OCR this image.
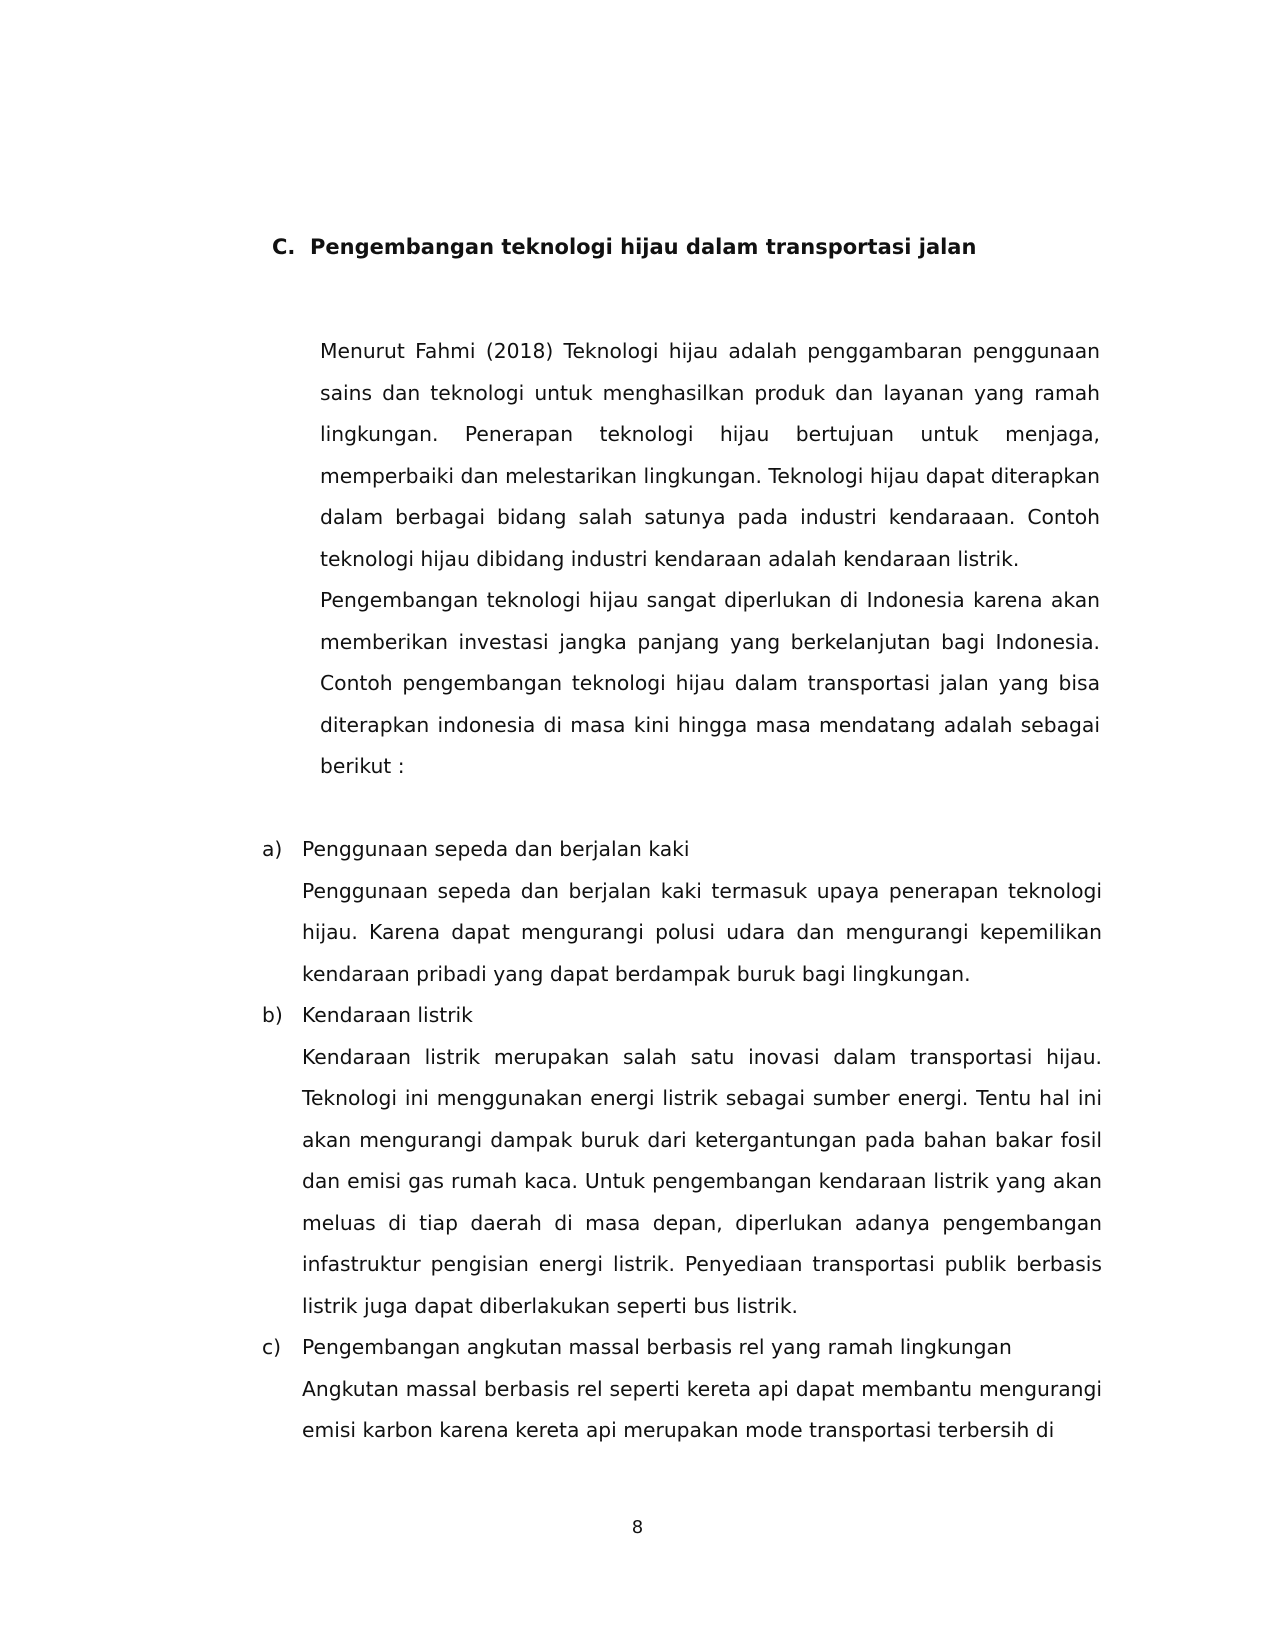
C. Pengembangan teknologi hijau dalam transportasi jalan

Menurut Fahmi (2018) Teknologi hijau adalah penggambaran penggunaan sains dan teknologi untuk menghasilkan produk dan layanan yang ramah lingkungan. Penerapan teknologi hijau bertujuan untuk menjaga, memperbaiki dan melestarikan lingkungan. Teknologi hijau dapat diterapkan dalam berbagai bidang salah satunya pada industri kendaraaan. Contoh teknologi hijau dibidang industri kendaraan adalah kendaraan listrik.

Pengembangan teknologi hijau sangat diperlukan di Indonesia karena akan memberikan investasi jangka panjang yang berkelanjutan bagi Indonesia. Contoh pengembangan teknologi hijau dalam transportasi jalan yang bisa diterapkan indonesia di masa kini hingga masa mendatang adalah sebagai berikut :

a) Penggunaan sepeda dan berjalan kaki

Penggunaan sepeda dan berjalan kaki termasuk upaya penerapan teknologi hijau. Karena dapat mengurangi polusi udara dan mengurangi kepemilikan kendaraan pribadi yang dapat berdampak buruk bagi lingkungan.

b) Kendaraan listrik

Kendaraan listrik merupakan salah satu inovasi dalam transportasi hijau. Teknologi ini menggunakan energi listrik sebagai sumber energi. Tentu hal ini akan mengurangi dampak buruk dari ketergantungan pada bahan bakar fosil dan emisi gas rumah kaca. Untuk pengembangan kendaraan listrik yang akan meluas di tiap daerah di masa depan, diperlukan adanya pengembangan infastruktur pengisian energi listrik. Penyediaan transportasi publik berbasis listrik juga dapat diberlakukan seperti bus listrik.

c)	Pengembangan angkutan massal berbasis rel yang ramah lingkungan

Angkutan massal berbasis rel seperti kereta api dapat membantu mengurangi emisi karbon karena kereta api merupakan mode transportasi terbersih di

8
